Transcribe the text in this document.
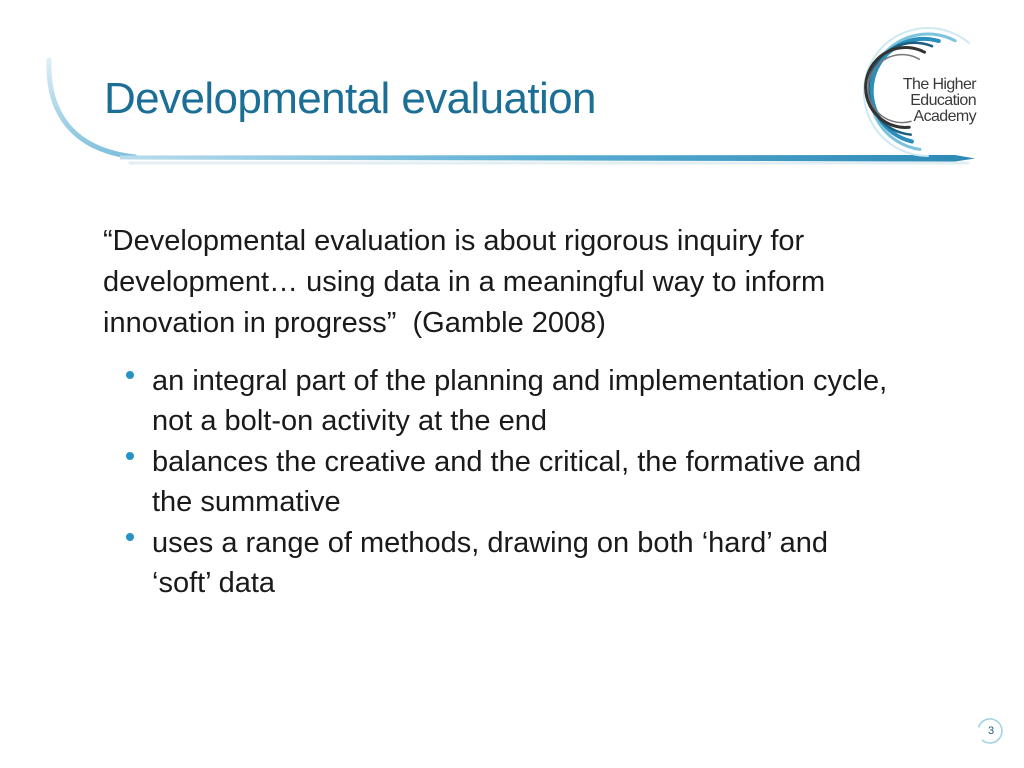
Developmental evaluation	The Higher
Education
Academy
“Developmental evaluation is about rigorous inquiry for
development… using data in a meaningful way to inform
innovation in progress”  (Gamble 2008)
an integral part of the planning and implementation cycle,
not a bolt-on activity at the end
balances the creative and the critical, the formative and
the summative
uses a range of methods, drawing on both ‘hard’ and
‘soft’ data
3
